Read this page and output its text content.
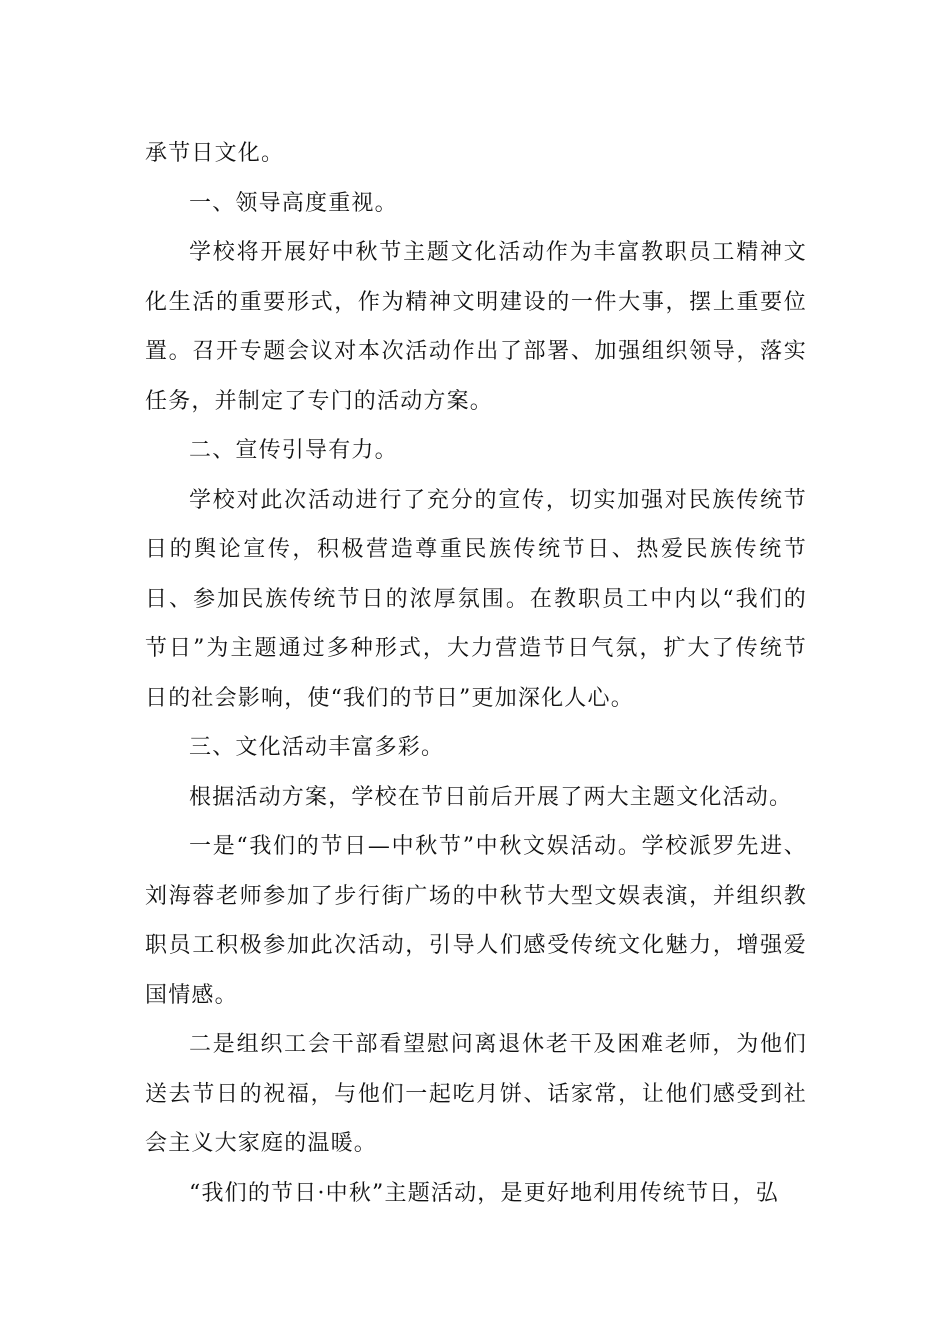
承节日文化。

一、领导高度重视。

学校将开展好中秋节主题文化活动作为丰富教职员工精神文化生活的重要形式，作为精神文明建设的一件大事，摆上重要位置。召开专题会议对本次活动作出了部署、加强组织领导，落实任务，并制定了专门的活动方案。

二、宣传引导有力。

学校对此次活动进行了充分的宣传，切实加强对民族传统节日的舆论宣传，积极营造尊重民族传统节日、热爱民族传统节日、参加民族传统节日的浓厚氛围。在教职员工中内以“我们的节日”为主题通过多种形式，大力营造节日气氛，扩大了传统节日的社会影响，使“我们的节日”更加深化人心。

三、文化活动丰富多彩。

根据活动方案，学校在节日前后开展了两大主题文化活动。

一是“我们的节日—中秋节”中秋文娱活动。学校派罗先进、刘海蓉老师参加了步行街广场的中秋节大型文娱表演，并组织教职员工积极参加此次活动，引导人们感受传统文化魅力，增强爱国情感。

二是组织工会干部看望慰问离退休老干及困难老师，为他们送去节日的祝福，与他们一起吃月饼、话家常，让他们感受到社会主义大家庭的温暖。

“我们的节日·中秋”主题活动，是更好地利用传统节日，弘
